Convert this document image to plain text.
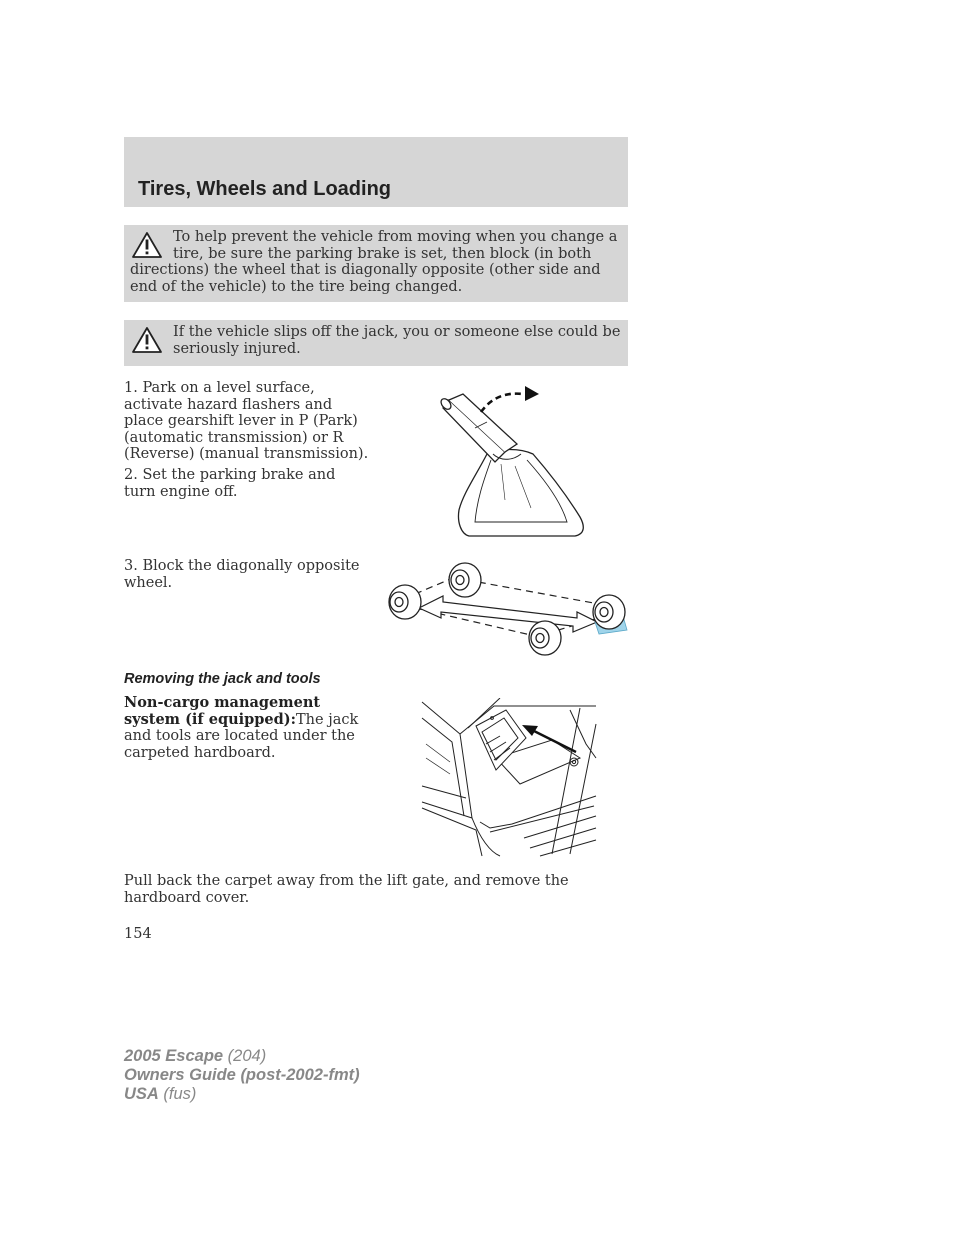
Tires, Wheels and Loading
To help prevent the vehicle from moving when you change a tire, be sure the parking brake is set, then block (in both directions) the wheel that is diagonally opposite (other side and end of the vehicle) to the tire being changed.
If the vehicle slips off the jack, you or someone else could be seriously injured.
1. Park on a level surface, activate hazard flashers and place gearshift lever in P (Park) (automatic transmission) or R (Reverse) (manual transmission).
2. Set the parking brake and turn engine off.
3. Block the diagonally opposite wheel.
Removing the jack and tools
Non-cargo management system (if equipped):The jack and tools are located under the carpeted hardboard.
Pull back the carpet away from the lift gate, and remove the hardboard cover.
154
2005 Escape (204)
Owners Guide (post-2002-fmt)
USA (fus)
